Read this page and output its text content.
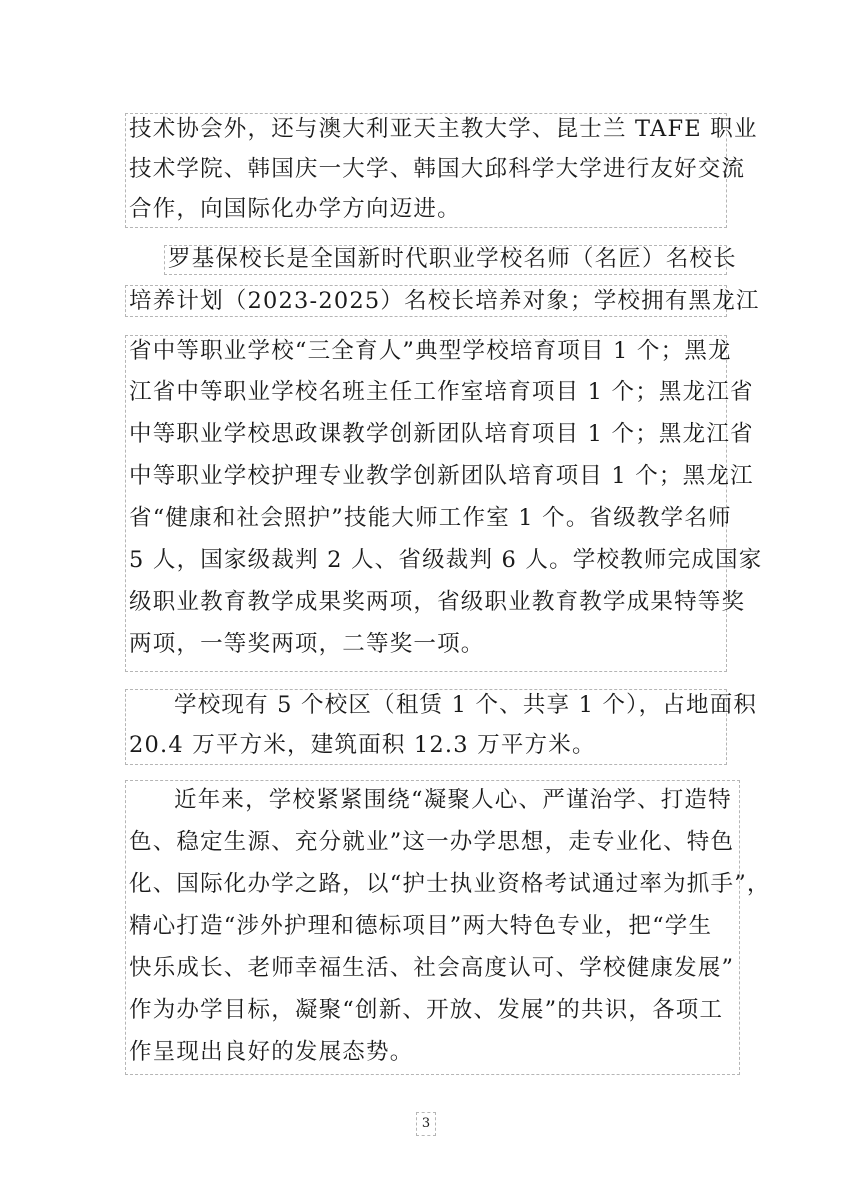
技术协会外，还与澳大利亚天主教大学、昆士兰 TAFE 职业
技术学院、韩国庆一大学、韩国大邱科学大学进行友好交流
合作，向国际化办学方向迈进。
罗基保校长是全国新时代职业学校名师（名匠）名校长
培养计划（2023-2025）名校长培养对象；学校拥有黑龙江
省中等职业学校“三全育人”典型学校培育项目 1 个；黑龙
江省中等职业学校名班主任工作室培育项目 1 个；黑龙江省
中等职业学校思政课教学创新团队培育项目 1 个；黑龙江省
中等职业学校护理专业教学创新团队培育项目 1 个；黑龙江
省“健康和社会照护”技能大师工作室 1 个。省级教学名师
5 人，国家级裁判 2 人、省级裁判 6 人。学校教师完成国家
级职业教育教学成果奖两项，省级职业教育教学成果特等奖
两项，一等奖两项，二等奖一项。
学校现有 5 个校区（租赁 1 个、共享 1 个），占地面积
20.4 万平方米，建筑面积 12.3 万平方米。
近年来，学校紧紧围绕“凝聚人心、严谨治学、打造特
色、稳定生源、充分就业”这一办学思想，走专业化、特色
化、国际化办学之路，以“护士执业资格考试通过率为抓手”，
精心打造“涉外护理和德标项目”两大特色专业，把“学生
快乐成长、老师幸福生活、社会高度认可、学校健康发展”
作为办学目标，凝聚“创新、开放、发展”的共识，各项工
作呈现出良好的发展态势。
3
